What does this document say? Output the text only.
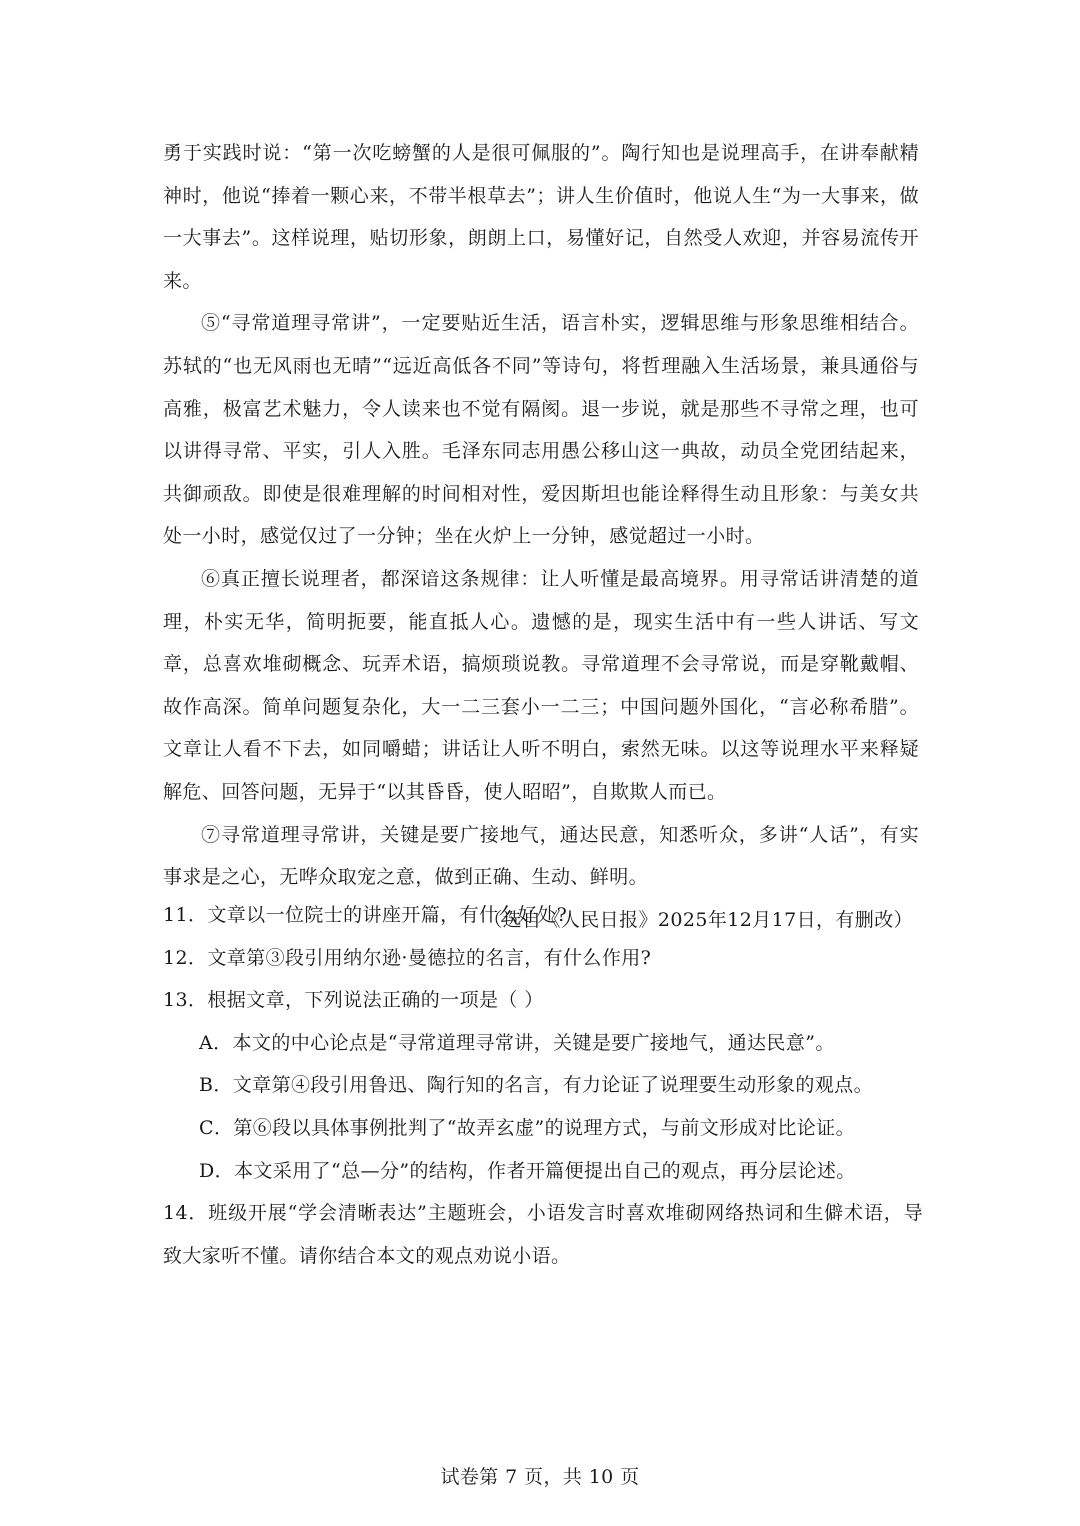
勇于实践时说：“第一次吃螃蟹的人是很可佩服的”。陶行知也是说理高手，在讲奉献精神时，他说“捧着一颗心来，不带半根草去”；讲人生价值时，他说人生“为一大事来，做一大事去”。这样说理，贴切形象，朗朗上口，易懂好记，自然受人欢迎，并容易流传开来。

⑤“寻常道理寻常讲”，一定要贴近生活，语言朴实，逻辑思维与形象思维相结合。苏轼的“也无风雨也无晴”“远近高低各不同”等诗句，将哲理融入生活场景，兼具通俗与高雅，极富艺术魅力，令人读来也不觉有隔阂。退一步说，就是那些不寻常之理，也可以讲得寻常、平实，引人入胜。毛泽东同志用愚公移山这一典故，动员全党团结起来，共御顽敌。即使是很难理解的时间相对性，爱因斯坦也能诠释得生动且形象：与美女共处一小时，感觉仅过了一分钟；坐在火炉上一分钟，感觉超过一小时。

⑥真正擅长说理者，都深谙这条规律：让人听懂是最高境界。用寻常话讲清楚的道理，朴实无华，简明扼要，能直抵人心。遗憾的是，现实生活中有一些人讲话、写文章，总喜欢堆砌概念、玩弄术语，搞烦琐说教。寻常道理不会寻常说，而是穿靴戴帽、故作高深。简单问题复杂化，大一二三套小一二三；中国问题外国化，“言必称希腊”。文章让人看不下去，如同嚼蜡；讲话让人听不明白，索然无味。以这等说理水平来释疑解危、回答问题，无异于“以其昏昏，使人昭昭”，自欺欺人而已。

⑦寻常道理寻常讲，关键是要广接地气，通达民意，知悉听众，多讲“人话”，有实事求是之心，无哗众取宠之意，做到正确、生动、鲜明。

（选自《人民日报》2025年12月17日，有删改）

11．文章以一位院士的讲座开篇，有什么好处?

12．文章第③段引用纳尔逊·曼德拉的名言，有什么作用?

13．根据文章，下列说法正确的一项是（ ）

A．本文的中心论点是“寻常道理寻常讲，关键是要广接地气，通达民意”。

B．文章第④段引用鲁迅、陶行知的名言，有力论证了说理要生动形象的观点。

C．第⑥段以具体事例批判了“故弄玄虚”的说理方式，与前文形成对比论证。

D．本文采用了“总—分”的结构，作者开篇便提出自己的观点，再分层论述。

14．班级开展“学会清晰表达”主题班会，小语发言时喜欢堆砌网络热词和生僻术语，导致大家听不懂。请你结合本文的观点劝说小语。

试卷第 7 页，共 10 页
